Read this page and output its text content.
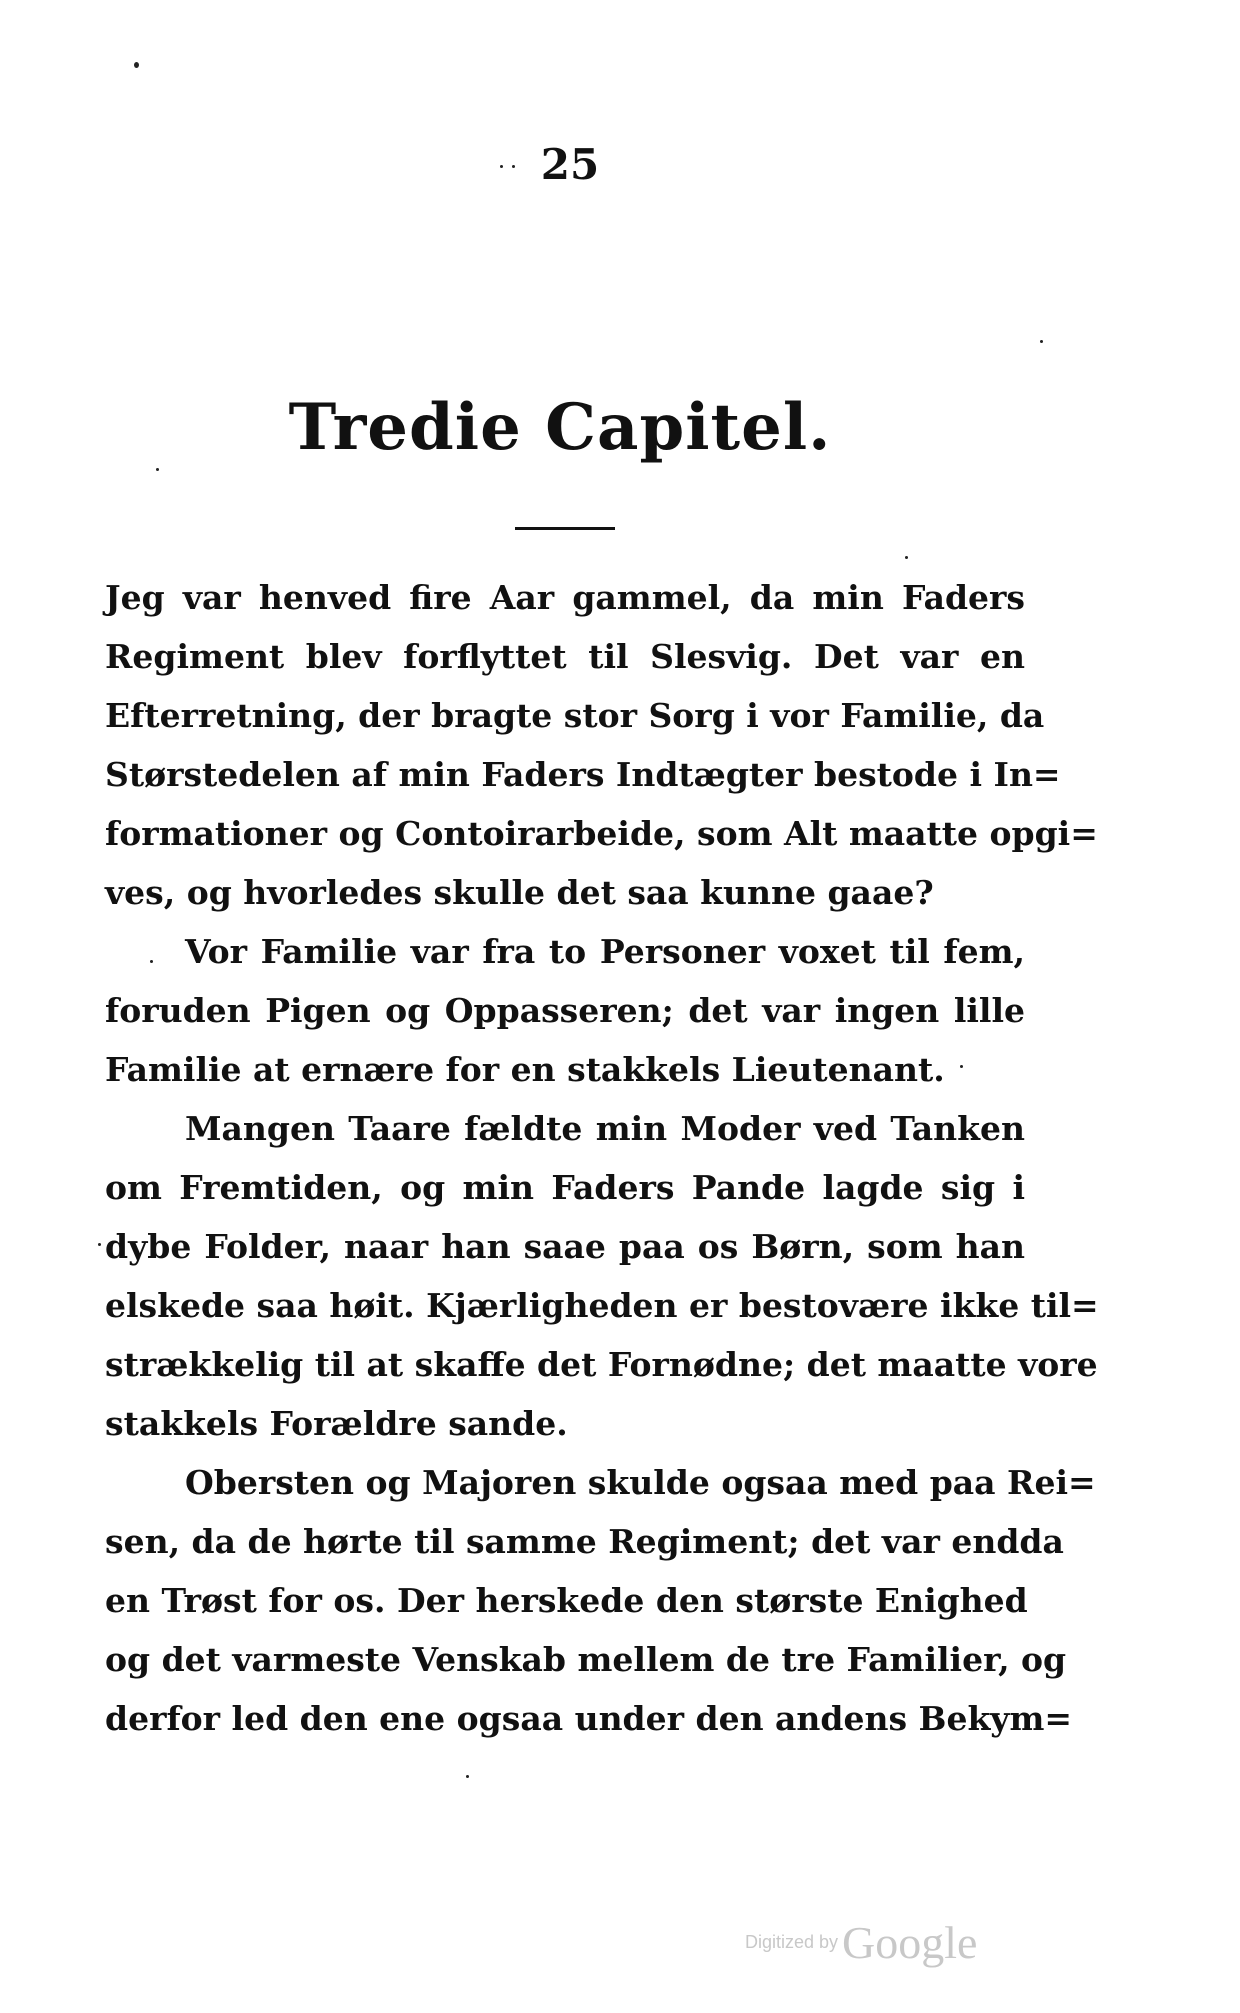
25
Tredie Capitel.
Jeg var henved fire Aar gammel, da min Faders
Regiment blev forflyttet til Slesvig. Det var en
Efterretning, der bragte stor Sorg i vor Familie, da
Størstedelen af min Faders Indtægter bestode i In=
formationer og Contoirarbeide, som Alt maatte opgi=
ves, og hvorledes skulle det saa kunne gaae?
Vor Familie var fra to Personer voxet til fem,
foruden Pigen og Oppasseren; det var ingen lille
Familie at ernære for en stakkels Lieutenant.
Mangen Taare fældte min Moder ved Tanken
om Fremtiden, og min Faders Pande lagde sig i
dybe Folder, naar han saae paa os Børn, som han
elskede saa høit. Kjærligheden er bestovære ikke til=
strækkelig til at skaffe det Fornødne; det maatte vore
stakkels Forældre sande.
Obersten og Majoren skulde ogsaa med paa Rei=
sen, da de hørte til samme Regiment; det var endda
en Trøst for os. Der herskede den største Enighed
og det varmeste Venskab mellem de tre Familier, og
derfor led den ene ogsaa under den andens Bekym=
Digitized by Google
